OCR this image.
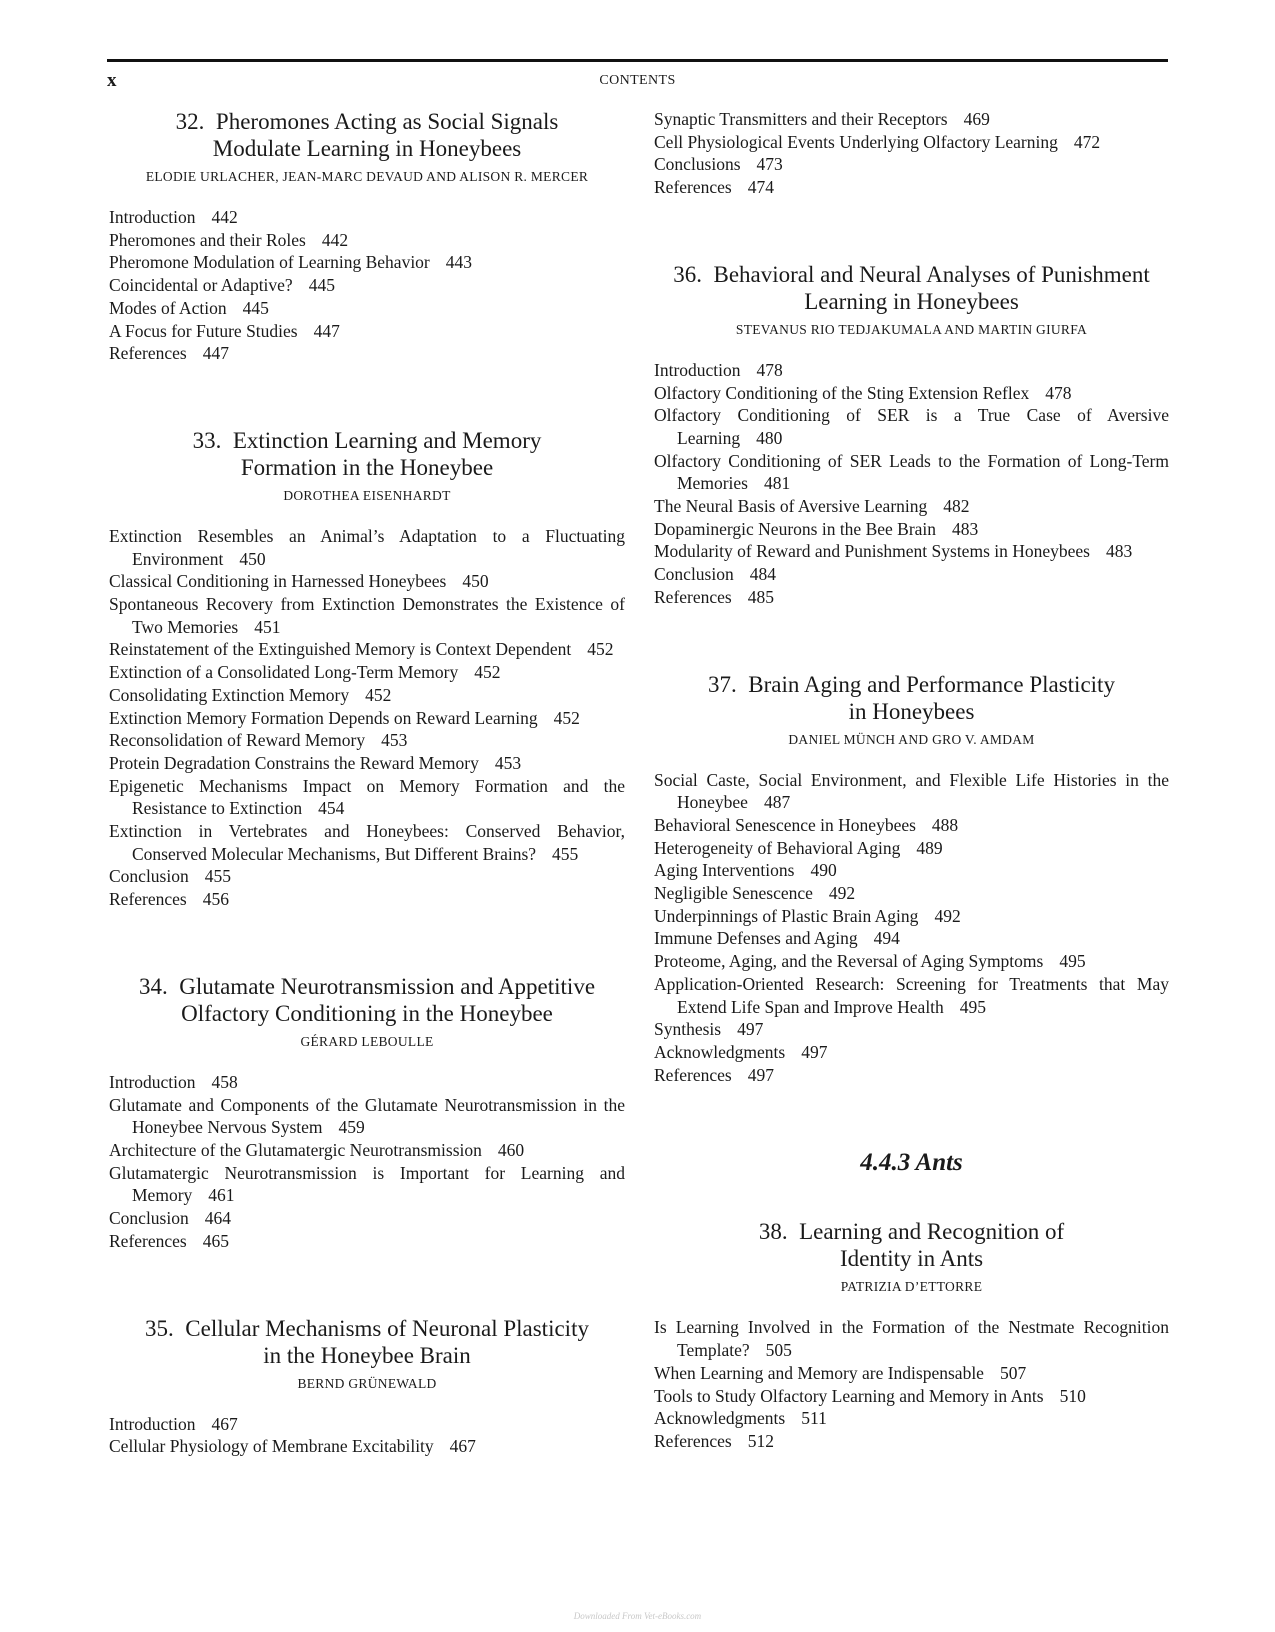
x	CONTENTS
32.  Pheromones Acting as Social Signals
Modulate Learning in Honeybees
ELODIE URLACHER, JEAN-MARC DEVAUD AND ALISON R. MERCER
Introduction 442
Pheromones and their Roles 442
Pheromone Modulation of Learning Behavior 443
Coincidental or Adaptive? 445
Modes of Action 445
A Focus for Future Studies 447
References 447
33.  Extinction Learning and Memory
Formation in the Honeybee
DOROTHEA EISENHARDT
Extinction Resembles an Animal’s Adaptation to a Fluctuating Environment 450
Classical Conditioning in Harnessed Honeybees 450
Spontaneous Recovery from Extinction Demonstrates the Existence of Two Memories 451
Reinstatement of the Extinguished Memory is Context Dependent 452
Extinction of a Consolidated Long-Term Memory 452
Consolidating Extinction Memory 452
Extinction Memory Formation Depends on Reward Learning 452
Reconsolidation of Reward Memory 453
Protein Degradation Constrains the Reward Memory 453
Epigenetic Mechanisms Impact on Memory Formation and the Resistance to Extinction 454
Extinction in Vertebrates and Honeybees: Conserved Behavior, Conserved Molecular Mechanisms, But Different Brains? 455
Conclusion 455
References 456
34.  Glutamate Neurotransmission and Appetitive
Olfactory Conditioning in the Honeybee
GÉRARD LEBOULLE
Introduction 458
Glutamate and Components of the Glutamate Neurotransmission in the Honeybee Nervous System 459
Architecture of the Glutamatergic Neurotransmission 460
Glutamatergic Neurotransmission is Important for Learning and Memory 461
Conclusion 464
References 465
35.  Cellular Mechanisms of Neuronal Plasticity
in the Honeybee Brain
BERND GRÜNEWALD
Introduction 467
Cellular Physiology of Membrane Excitability 467
Synaptic Transmitters and their Receptors 469
Cell Physiological Events Underlying Olfactory Learning 472
Conclusions 473
References 474
36.  Behavioral and Neural Analyses of Punishment
Learning in Honeybees
STEVANUS RIO TEDJAKUMALA AND MARTIN GIURFA
Introduction 478
Olfactory Conditioning of the Sting Extension Reflex 478
Olfactory Conditioning of SER is a True Case of Aversive Learning 480
Olfactory Conditioning of SER Leads to the Formation of Long-Term Memories 481
The Neural Basis of Aversive Learning 482
Dopaminergic Neurons in the Bee Brain 483
Modularity of Reward and Punishment Systems in Honeybees 483
Conclusion 484
References 485
37.  Brain Aging and Performance Plasticity
in Honeybees
DANIEL MÜNCH AND GRO V. AMDAM
Social Caste, Social Environment, and Flexible Life Histories in the Honeybee 487
Behavioral Senescence in Honeybees 488
Heterogeneity of Behavioral Aging 489
Aging Interventions 490
Negligible Senescence 492
Underpinnings of Plastic Brain Aging 492
Immune Defenses and Aging 494
Proteome, Aging, and the Reversal of Aging Symptoms 495
Application-Oriented Research: Screening for Treatments that May Extend Life Span and Improve Health 495
Synthesis 497
Acknowledgments 497
References 497
4.4.3 Ants
38.  Learning and Recognition of
Identity in Ants
PATRIZIA D’ETTORRE
Is Learning Involved in the Formation of the Nestmate Recognition Template? 505
When Learning and Memory are Indispensable 507
Tools to Study Olfactory Learning and Memory in Ants 510
Acknowledgments 511
References 512
Downloaded From Vet-eBooks.com
